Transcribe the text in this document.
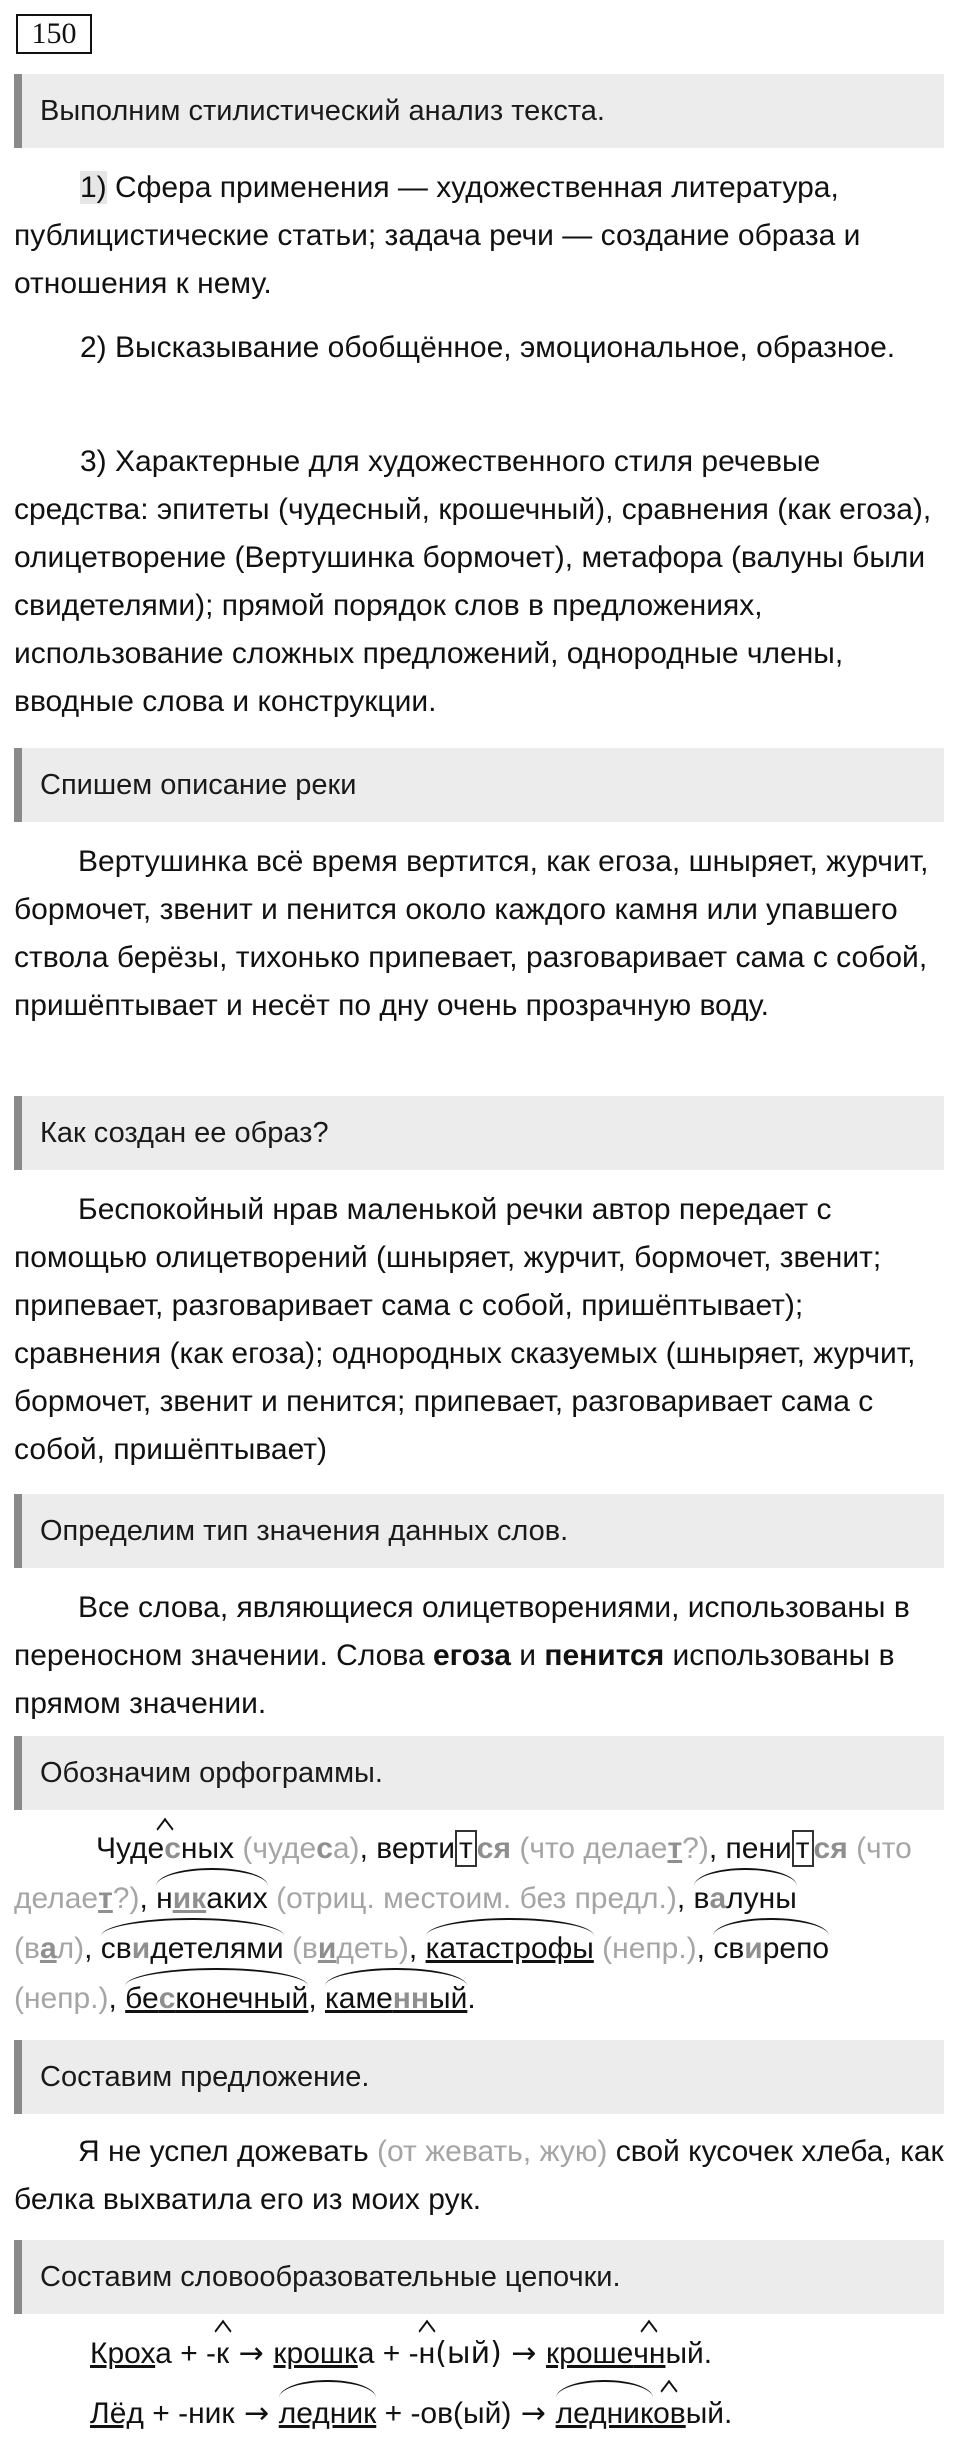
150
Выполним стилистический анализ текста.

1) Сфера применения — художественная литература, публицистические статьи; задача речи — создание образа и отношения к нему.

2) Высказывание обобщённое, эмоциональное, образное.

3) Характерные для художественного стиля речевые средства: эпитеты (чудесный, крошечный), сравнения (как егоза), олицетворение (Вертушинка бормочет), метафора (валуны были свидетелями); прямой порядок слов в предложениях, использование сложных предложений, однородные члены, вводные слова и конструкции.

Спишем описание реки

Вертушинка всё время вертится, как егоза, шныряет, журчит, бормочет, звенит и пенится около каждого камня или упавшего ствола берёзы, тихонько припевает, разговаривает сама с собой, пришёптывает и несёт по дну очень прозрачную воду.

Как создан ее образ?

Беспокойный нрав маленькой речки автор передает с помощью олицетворений (шныряет, журчит, бормочет, звенит; припевает, разговаривает сама с собой, пришёптывает); сравнения (как егоза); однородных сказуемых (шныряет, журчит, бормочет, звенит и пенится; припевает, разговаривает сама с собой, пришёптывает)

Определим тип значения данных слов.

Все слова, являющиеся олицетворениями, использованы в переносном значении. Слова егоза и пенится использованы в прямом значении.

Обозначим орфограммы.
Чудесных (чудеса), верти т ся (что делает?), пени т ся (что
делает?), никаких (отриц. местоим. без предл.), валуны
(вал), свидетелями (видеть), катастрофы (непр.), свирепо
(непр.), бесконечный, каменный.
Составим предложение.

Я не успел дожевать (от жевать, жую) свой кусочек хлеба, как белка выхватила его из моих рук.

Составим словообразовательные цепочки.
Кроха + -к → крошка + -н(ый) → крошечный.
Лёд + -ник → ледник + -ов(ый) → ледниковый.
